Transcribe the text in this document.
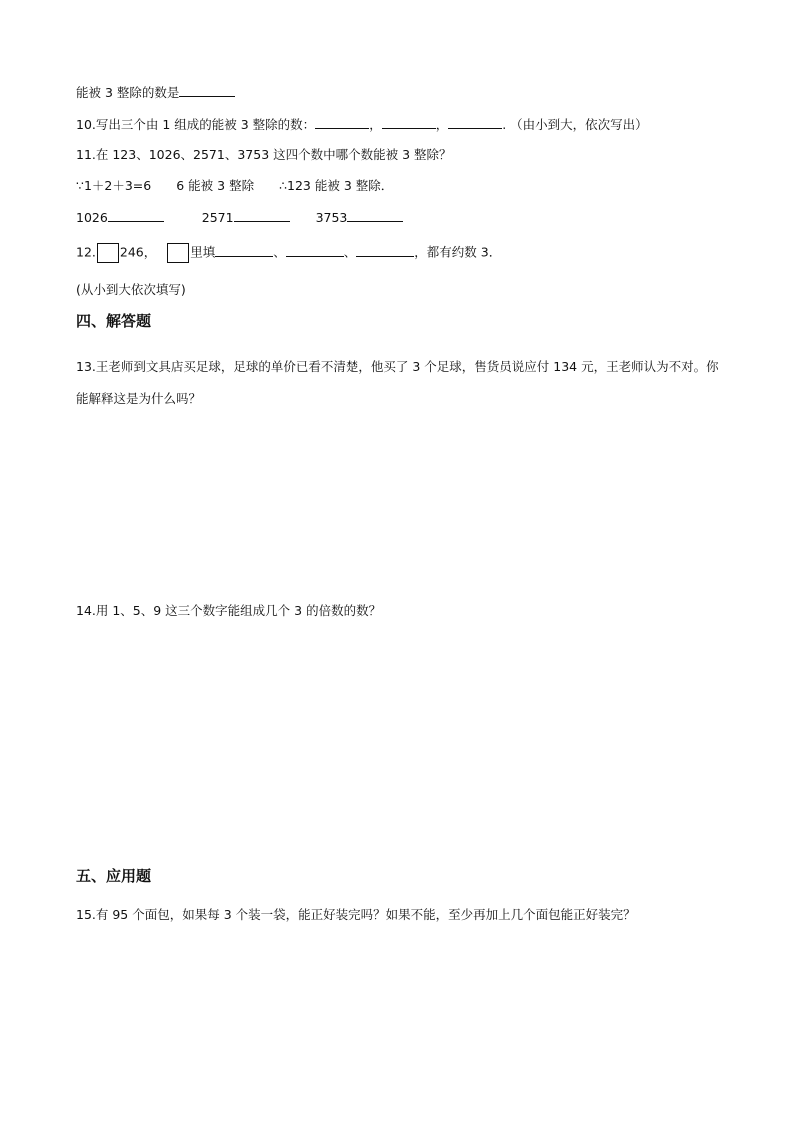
能被 3 整除的数是
10.写出三个由 1 组成的能被 3 整除的数：	，	，	. （由小到大，依次写出）
11.在 123、1026、2571、3753 这四个数中哪个数能被 3 整除？
∵1＋2＋3=6　　6 能被 3 整除　　∴123 能被 3 整除．
1026	2571	3753
12. 246，	里填	、	、	，都有约数 3．
(从小到大依次填写)
四、解答题
13.王老师到文具店买足球，足球的单价已看不清楚，他买了 3 个足球，售货员说应付 134 元，王老师认为不对。你能解释这是为什么吗？
14.用 1、5、9 这三个数字能组成几个 3 的倍数的数？
五、应用题
15.有 95 个面包，如果每 3 个装一袋，能正好装完吗？如果不能，至少再加上几个面包能正好装完？
